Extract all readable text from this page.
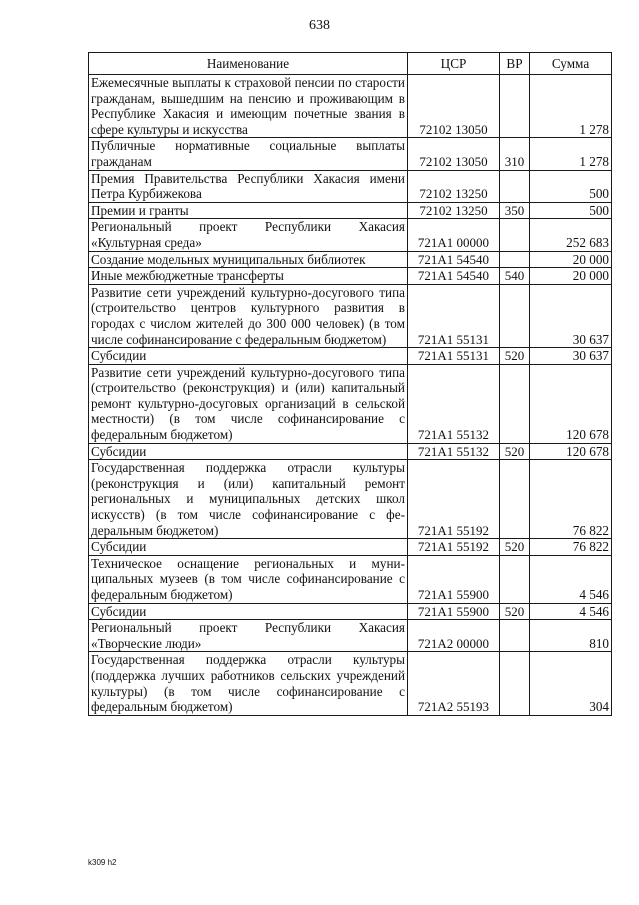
638
Наименование	ЦСР	ВР	Сумма
Ежемесячные выплаты к страховой пенсии по старости гражданам, вышедшим на пенсию и проживающим в Республике Хакасия и имеющим почетные звания в сфере культуры и искусства	72102 13050		1 278
Публичные нормативные социальные выплаты гражданам	72102 13050	310	1 278
Премия Правительства Республики Хакасия имени Петра Курбижекова	72102 13250		500
Премии и гранты	72102 13250	350	500
Региональный проект Республики Хакасия «Культурная среда»	721A1 00000		252 683
Создание модельных муниципальных библиотек	721A1 54540		20 000
Иные межбюджетные трансферты	721A1 54540	540	20 000
Развитие сети учреждений культурно-досугового типа (строительство центров культурного развития в городах с числом жителей до 300 000 человек) (в том числе софинансирование с федеральным бюджетом)	721A1 55131		30 637
Субсидии	721A1 55131	520	30 637
Развитие сети учреждений культурно-досугового типа (строительство (реконструкция) и (или) капитальный ремонт культурно-досуговых организаций в сельской местности) (в том числе софинансирование с федеральным бюджетом)	721A1 55132		120 678
Субсидии	721A1 55132	520	120 678
Государственная поддержка отрасли культуры (реконструкция и (или) капитальный ремонт региональных и муниципальных детских школ искусств) (в том числе софинансирование с федеральным бюджетом)	721A1 55192		76 822
Субсидии	721A1 55192	520	76 822
Техническое оснащение региональных и муниципальных музеев (в том числе софинансирование с федеральным бюджетом)	721A1 55900		4 546
Субсидии	721A1 55900	520	4 546
Региональный проект Республики Хакасия «Творческие люди»	721A2 00000		810
Государственная поддержка отрасли культуры (поддержка лучших работников сельских учреждений культуры) (в том числе софинансирование с федеральным бюджетом)	721A2 55193		304
k309 h2
